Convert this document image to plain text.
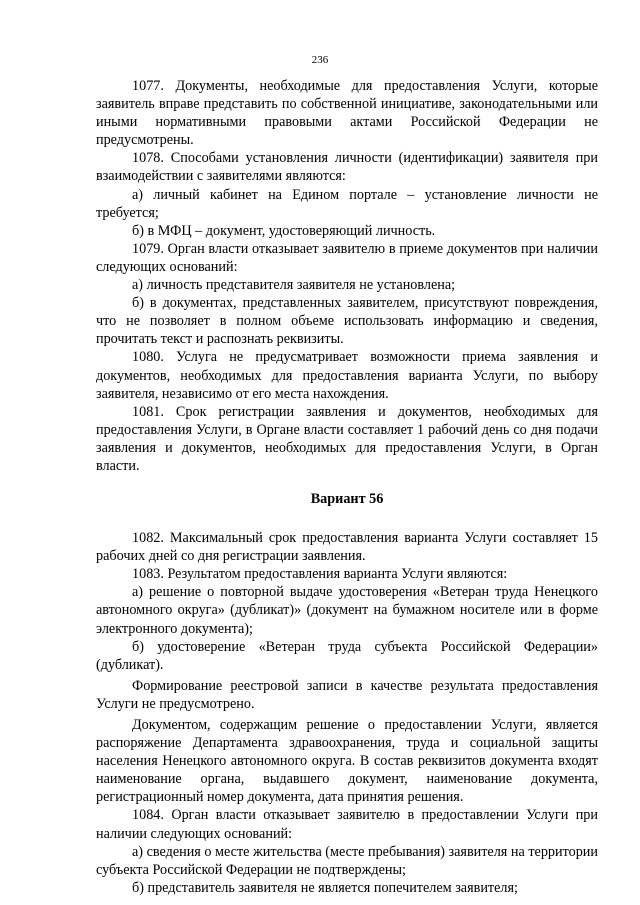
236

1077. Документы, необходимые для предоставления Услуги, которые заявитель вправе представить по собственной инициативе, законодательными или иными нормативными правовыми актами Российской Федерации не предусмотрены.

1078. Способами установления личности (идентификации) заявителя при взаимодействии с заявителями являются:

а) личный кабинет на Едином портале – установление личности не требуется;

б) в МФЦ – документ, удостоверяющий личность.

1079. Орган власти отказывает заявителю в приеме документов при наличии следующих оснований:

а) личность представителя заявителя не установлена;

б) в документах, представленных заявителем, присутствуют повреждения, что не позволяет в полном объеме использовать информацию и сведения, прочитать текст и распознать реквизиты.

1080. Услуга не предусматривает возможности приема заявления и документов, необходимых для предоставления варианта Услуги, по выбору заявителя, независимо от его места нахождения.

1081. Срок регистрации заявления и документов, необходимых для предоставления Услуги, в Органе власти составляет 1 рабочий день со дня подачи заявления и документов, необходимых для предоставления Услуги, в Орган власти.

Вариант 56

1082. Максимальный срок предоставления варианта Услуги составляет 15 рабочих дней со дня регистрации заявления.

1083. Результатом предоставления варианта Услуги являются:

а) решение о повторной выдаче удостоверения «Ветеран труда Ненецкого автономного округа» (дубликат)» (документ на бумажном носителе или в форме электронного документа);

б) удостоверение «Ветеран труда субъекта Российской Федерации» (дубликат).

Формирование реестровой записи в качестве результата предоставления Услуги не предусмотрено.

Документом, содержащим решение о предоставлении Услуги, является распоряжение Департамента здравоохранения, труда и социальной защиты населения Ненецкого автономного округа. В состав реквизитов документа входят наименование органа, выдавшего документ, наименование документа, регистрационный номер документа, дата принятия решения.

1084. Орган власти отказывает заявителю в предоставлении Услуги при наличии следующих оснований:

а) сведения о месте жительства (месте пребывания) заявителя на территории субъекта Российской Федерации не подтверждены;

б) представитель заявителя не является попечителем заявителя;
